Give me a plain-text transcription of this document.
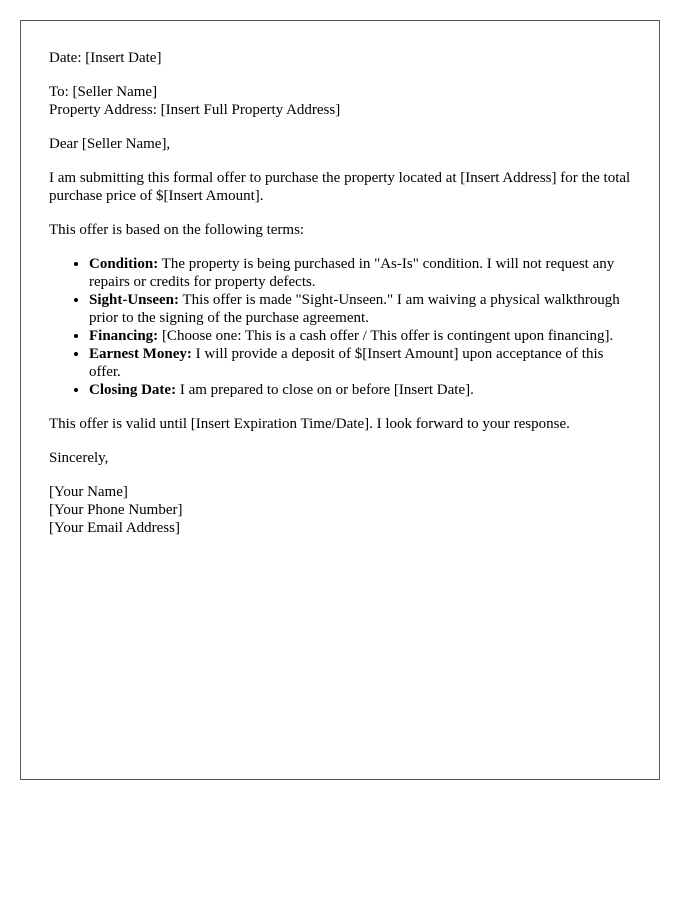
Date: [Insert Date]

To: [Seller Name]

Property Address: [Insert Full Property Address]

Dear [Seller Name],

I am submitting this formal offer to purchase the property located at [Insert Address] for the total purchase price of $[Insert Amount].

This offer is based on the following terms:

• Condition: The property is being purchased in "As-Is" condition. I will not request any repairs or credits for property defects.
• Sight-Unseen: This offer is made "Sight-Unseen." I am waiving a physical walkthrough prior to the signing of the purchase agreement.
• Financing: [Choose one: This is a cash offer / This offer is contingent upon financing].
• Earnest Money: I will provide a deposit of $[Insert Amount] upon acceptance of this offer.
• Closing Date: I am prepared to close on or before [Insert Date].

This offer is valid until [Insert Expiration Time/Date]. I look forward to your response.

Sincerely,

[Your Name]

[Your Phone Number]

[Your Email Address]
